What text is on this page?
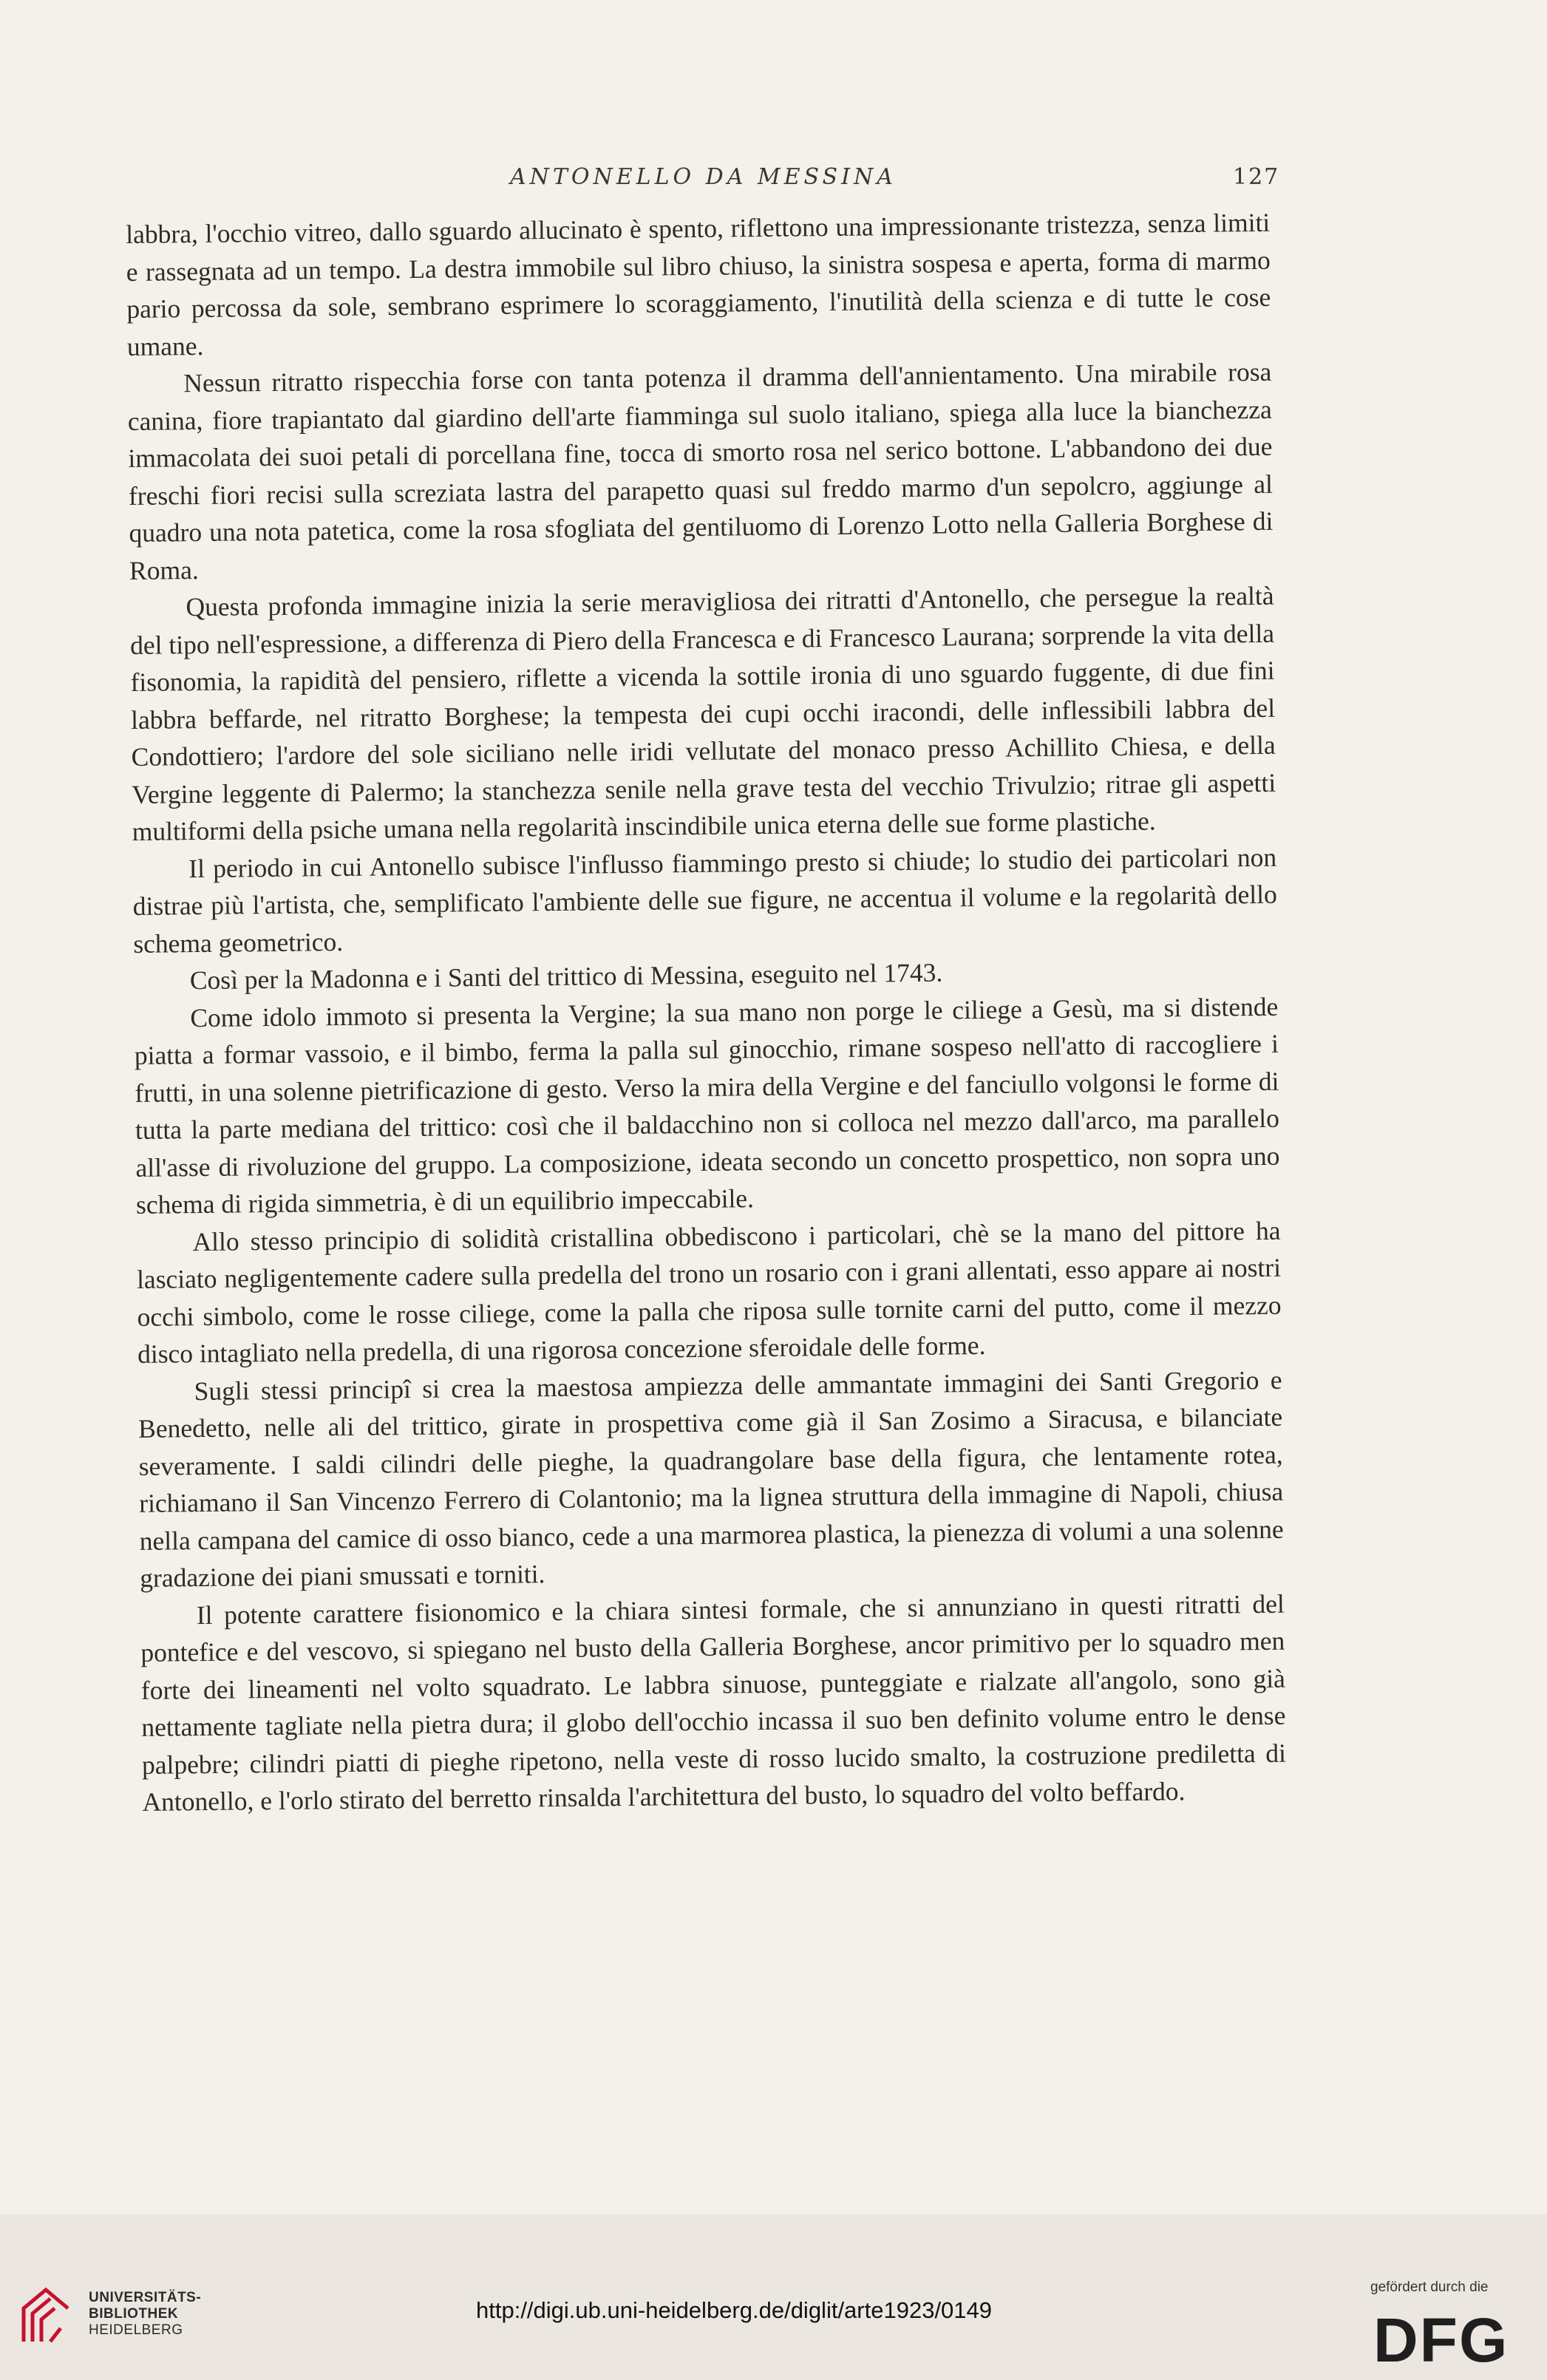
ANTONELLO DA MESSINA	127

labbra, l'occhio vitreo, dallo sguardo allucinato è spento, riflettono una impressionante tristezza, senza limiti e rassegnata ad un tempo. La destra immobile sul libro chiuso, la sinistra sospesa e aperta, forma di marmo pario percossa da sole, sembrano esprimere lo scoraggiamento, l'inutilità della scienza e di tutte le cose umane.

Nessun ritratto rispecchia forse con tanta potenza il dramma dell'annientamento. Una mirabile rosa canina, fiore trapiantato dal giardino dell'arte fiamminga sul suolo italiano, spiega alla luce la bianchezza immacolata dei suoi petali di porcellana fine, tocca di smorto rosa nel serico bottone. L'abbandono dei due freschi fiori recisi sulla screziata lastra del parapetto quasi sul freddo marmo d'un sepolcro, aggiunge al quadro una nota patetica, come la rosa sfogliata del gentiluomo di Lorenzo Lotto nella Galleria Borghese di Roma.

Questa profonda immagine inizia la serie meravigliosa dei ritratti d'Antonello, che persegue la realtà del tipo nell'espressione, a differenza di Piero della Francesca e di Francesco Laurana; sorprende la vita della fisonomia, la rapidità del pensiero, riflette a vicenda la sottile ironia di uno sguardo fuggente, di due fini labbra beffarde, nel ritratto Borghese; la tempesta dei cupi occhi iracondi, delle inflessibili labbra del Condottiero; l'ardore del sole siciliano nelle iridi vellutate del monaco presso Achillito Chiesa, e della Vergine leggente di Palermo; la stanchezza senile nella grave testa del vecchio Trivulzio; ritrae gli aspetti multiformi della psiche umana nella regolarità inscindibile unica eterna delle sue forme plastiche.

Il periodo in cui Antonello subisce l'influsso fiammingo presto si chiude; lo studio dei particolari non distrae più l'artista, che, semplificato l'ambiente delle sue figure, ne accentua il volume e la regolarità dello schema geometrico.

Così per la Madonna e i Santi del trittico di Messina, eseguito nel 1743.

Come idolo immoto si presenta la Vergine; la sua mano non porge le ciliege a Gesù, ma si distende piatta a formar vassoio, e il bimbo, ferma la palla sul ginocchio, rimane sospeso nell'atto di raccogliere i frutti, in una solenne pietrificazione di gesto. Verso la mira della Vergine e del fanciullo volgonsi le forme di tutta la parte mediana del trittico: così che il baldacchino non si colloca nel mezzo dall'arco, ma parallelo all'asse di rivoluzione del gruppo. La composizione, ideata secondo un concetto prospettico, non sopra uno schema di rigida simmetria, è di un equilibrio impeccabile.

Allo stesso principio di solidità cristallina obbediscono i particolari, chè se la mano del pittore ha lasciato negligentemente cadere sulla predella del trono un rosario con i grani allentati, esso appare ai nostri occhi simbolo, come le rosse ciliege, come la palla che riposa sulle tornite carni del putto, come il mezzo disco intagliato nella predella, di una rigorosa concezione sferoidale delle forme.

Sugli stessi principî si crea la maestosa ampiezza delle ammantate immagini dei Santi Gregorio e Benedetto, nelle ali del trittico, girate in prospettiva come già il San Zosimo a Siracusa, e bilanciate severamente. I saldi cilindri delle pieghe, la quadrangolare base della figura, che lentamente rotea, richiamano il San Vincenzo Ferrero di Colantonio; ma la lignea struttura della immagine di Napoli, chiusa nella campana del camice di osso bianco, cede a una marmorea plastica, la pienezza di volumi a una solenne gradazione dei piani smussati e torniti.

Il potente carattere fisionomico e la chiara sintesi formale, che si annunziano in questi ritratti del pontefice e del vescovo, si spiegano nel busto della Galleria Borghese, ancor primitivo per lo squadro men forte dei lineamenti nel volto squadrato. Le labbra sinuose, punteggiate e rialzate all'angolo, sono già nettamente tagliate nella pietra dura; il globo dell'occhio incassa il suo ben definito volume entro le dense palpebre; cilindri piatti di pieghe ripetono, nella veste di rosso lucido smalto, la costruzione prediletta di Antonello, e l'orlo stirato del berretto rinsalda l'architettura del busto, lo squadro del volto beffardo.

UNIVERSITÄTS-
BIBLIOTHEK
HEIDELBERG
http://digi.ub.uni-heidelberg.de/diglit/arte1923/0149
gefördert durch die
DFG
